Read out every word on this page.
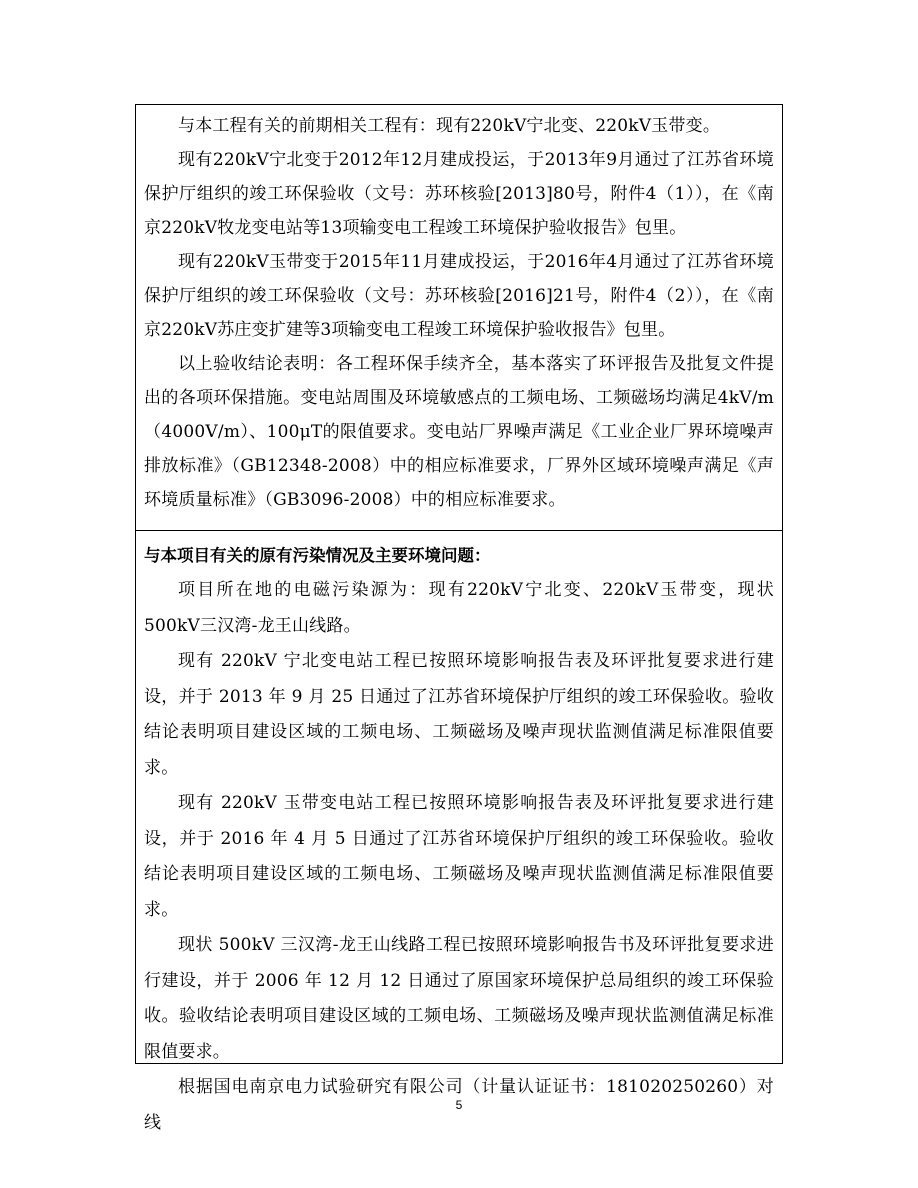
与本工程有关的前期相关工程有：现有220kV宁北变、220kV玉带变。

现有220kV宁北变于2012年12月建成投运，于2013年9月通过了江苏省环境保护厅组织的竣工环保验收（文号：苏环核验[2013]80号，附件4（1）），在《南京220kV牧龙变电站等13项输变电工程竣工环境保护验收报告》包里。

现有220kV玉带变于2015年11月建成投运，于2016年4月通过了江苏省环境保护厅组织的竣工环保验收（文号：苏环核验[2016]21号，附件4（2）），在《南京220kV苏庄变扩建等3项输变电工程竣工环境保护验收报告》包里。

以上验收结论表明：各工程环保手续齐全，基本落实了环评报告及批复文件提出的各项环保措施。变电站周围及环境敏感点的工频电场、工频磁场均满足4kV/m（4000V/m）、100μT的限值要求。变电站厂界噪声满足《工业企业厂界环境噪声排放标准》（GB12348-2008）中的相应标准要求，厂界外区域环境噪声满足《声环境质量标准》（GB3096-2008）中的相应标准要求。

与本项目有关的原有污染情况及主要环境问题：

项目所在地的电磁污染源为：现有220kV宁北变、220kV玉带变，现状500kV三汉湾-龙王山线路。

现有 220kV 宁北变电站工程已按照环境影响报告表及环评批复要求进行建设，并于 2013 年 9 月 25 日通过了江苏省环境保护厅组织的竣工环保验收。验收结论表明项目建设区域的工频电场、工频磁场及噪声现状监测值满足标准限值要求。

现有 220kV 玉带变电站工程已按照环境影响报告表及环评批复要求进行建设，并于 2016 年 4 月 5 日通过了江苏省环境保护厅组织的竣工环保验收。验收结论表明项目建设区域的工频电场、工频磁场及噪声现状监测值满足标准限值要求。

现状 500kV 三汉湾-龙王山线路工程已按照环境影响报告书及环评批复要求进行建设，并于 2006 年 12 月 12 日通过了原国家环境保护总局组织的竣工环保验收。验收结论表明项目建设区域的工频电场、工频磁场及噪声现状监测值满足标准限值要求。

根据国电南京电力试验研究有限公司（计量认证证书：181020250260）对线

5
